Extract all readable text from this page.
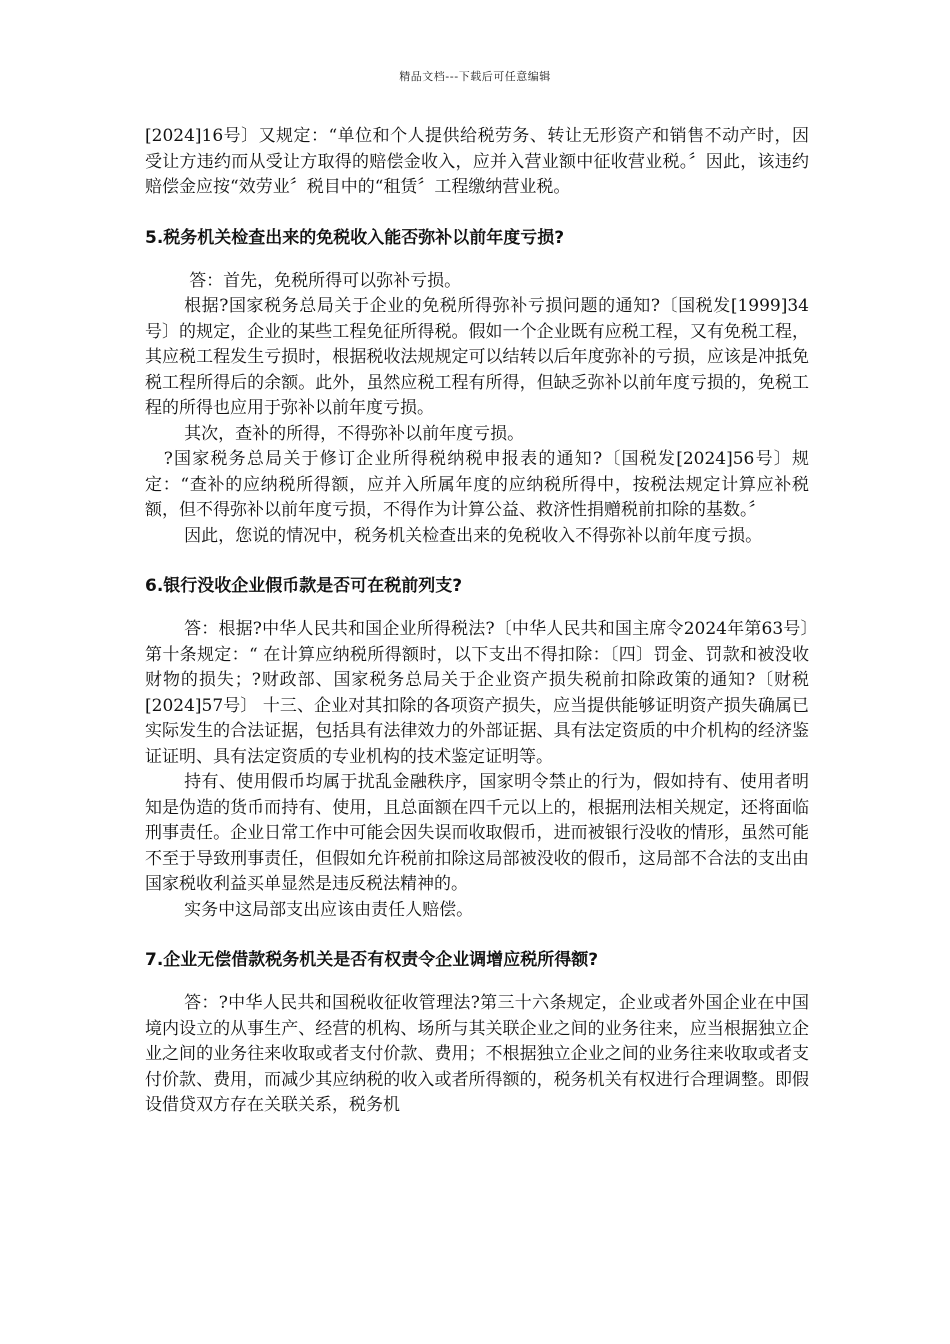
精品文档---下载后可任意编辑

[2024]16号〕又规定：“单位和个人提供给税劳务、转让无形资产和销售不动产时，因受让方违约而从受让方取得的赔偿金收入，应并入营业额中征收营业税。〞因此，该违约赔偿金应按“效劳业〞税目中的“租赁〞工程缴纳营业税。

5.税务机关检查出来的免税收入能否弥补以前年度亏损?

答：首先，免税所得可以弥补亏损。

根据?国家税务总局关于企业的免税所得弥补亏损问题的通知?〔国税发[1999]34号〕的规定，企业的某些工程免征所得税。假如一个企业既有应税工程，又有免税工程，其应税工程发生亏损时，根据税收法规规定可以结转以后年度弥补的亏损，应该是冲抵免税工程所得后的余额。此外，虽然应税工程有所得，但缺乏弥补以前年度亏损的，免税工程的所得也应用于弥补以前年度亏损。

其次，查补的所得，不得弥补以前年度亏损。

?国家税务总局关于修订企业所得税纳税申报表的通知?〔国税发[2024]56号〕规定：“查补的应纳税所得额，应并入所属年度的应纳税所得中，按税法规定计算应补税额，但不得弥补以前年度亏损，不得作为计算公益、救济性捐赠税前扣除的基数。〞

因此，您说的情况中，税务机关检查出来的免税收入不得弥补以前年度亏损。

6.银行没收企业假币款是否可在税前列支?

答：根据?中华人民共和国企业所得税法?〔中华人民共和国主席令2024年第63号〕第十条规定：“ 在计算应纳税所得额时，以下支出不得扣除：〔四〕罚金、罚款和被没收财物的损失；?财政部、国家税务总局关于企业资产损失税前扣除政策的通知?〔财税[2024]57号〕 十三、企业对其扣除的各项资产损失，应当提供能够证明资产损失确属已实际发生的合法证据，包括具有法律效力的外部证据、具有法定资质的中介机构的经济鉴证证明、具有法定资质的专业机构的技术鉴定证明等。

持有、使用假币均属于扰乱金融秩序，国家明令禁止的行为，假如持有、使用者明知是伪造的货币而持有、使用，且总面额在四千元以上的，根据刑法相关规定，还将面临刑事责任。企业日常工作中可能会因失误而收取假币，进而被银行没收的情形，虽然可能不至于导致刑事责任，但假如允许税前扣除这局部被没收的假币，这局部不合法的支出由国家税收利益买单显然是违反税法精神的。

实务中这局部支出应该由责任人赔偿。

7.企业无偿借款税务机关是否有权责令企业调增应税所得额?

答：?中华人民共和国税收征收管理法?第三十六条规定，企业或者外国企业在中国境内设立的从事生产、经营的机构、场所与其关联企业之间的业务往来，应当根据独立企业之间的业务往来收取或者支付价款、费用；不根据独立企业之间的业务往来收取或者支付价款、费用，而减少其应纳税的收入或者所得额的，税务机关有权进行合理调整。即假设借贷双方存在关联关系，税务机
